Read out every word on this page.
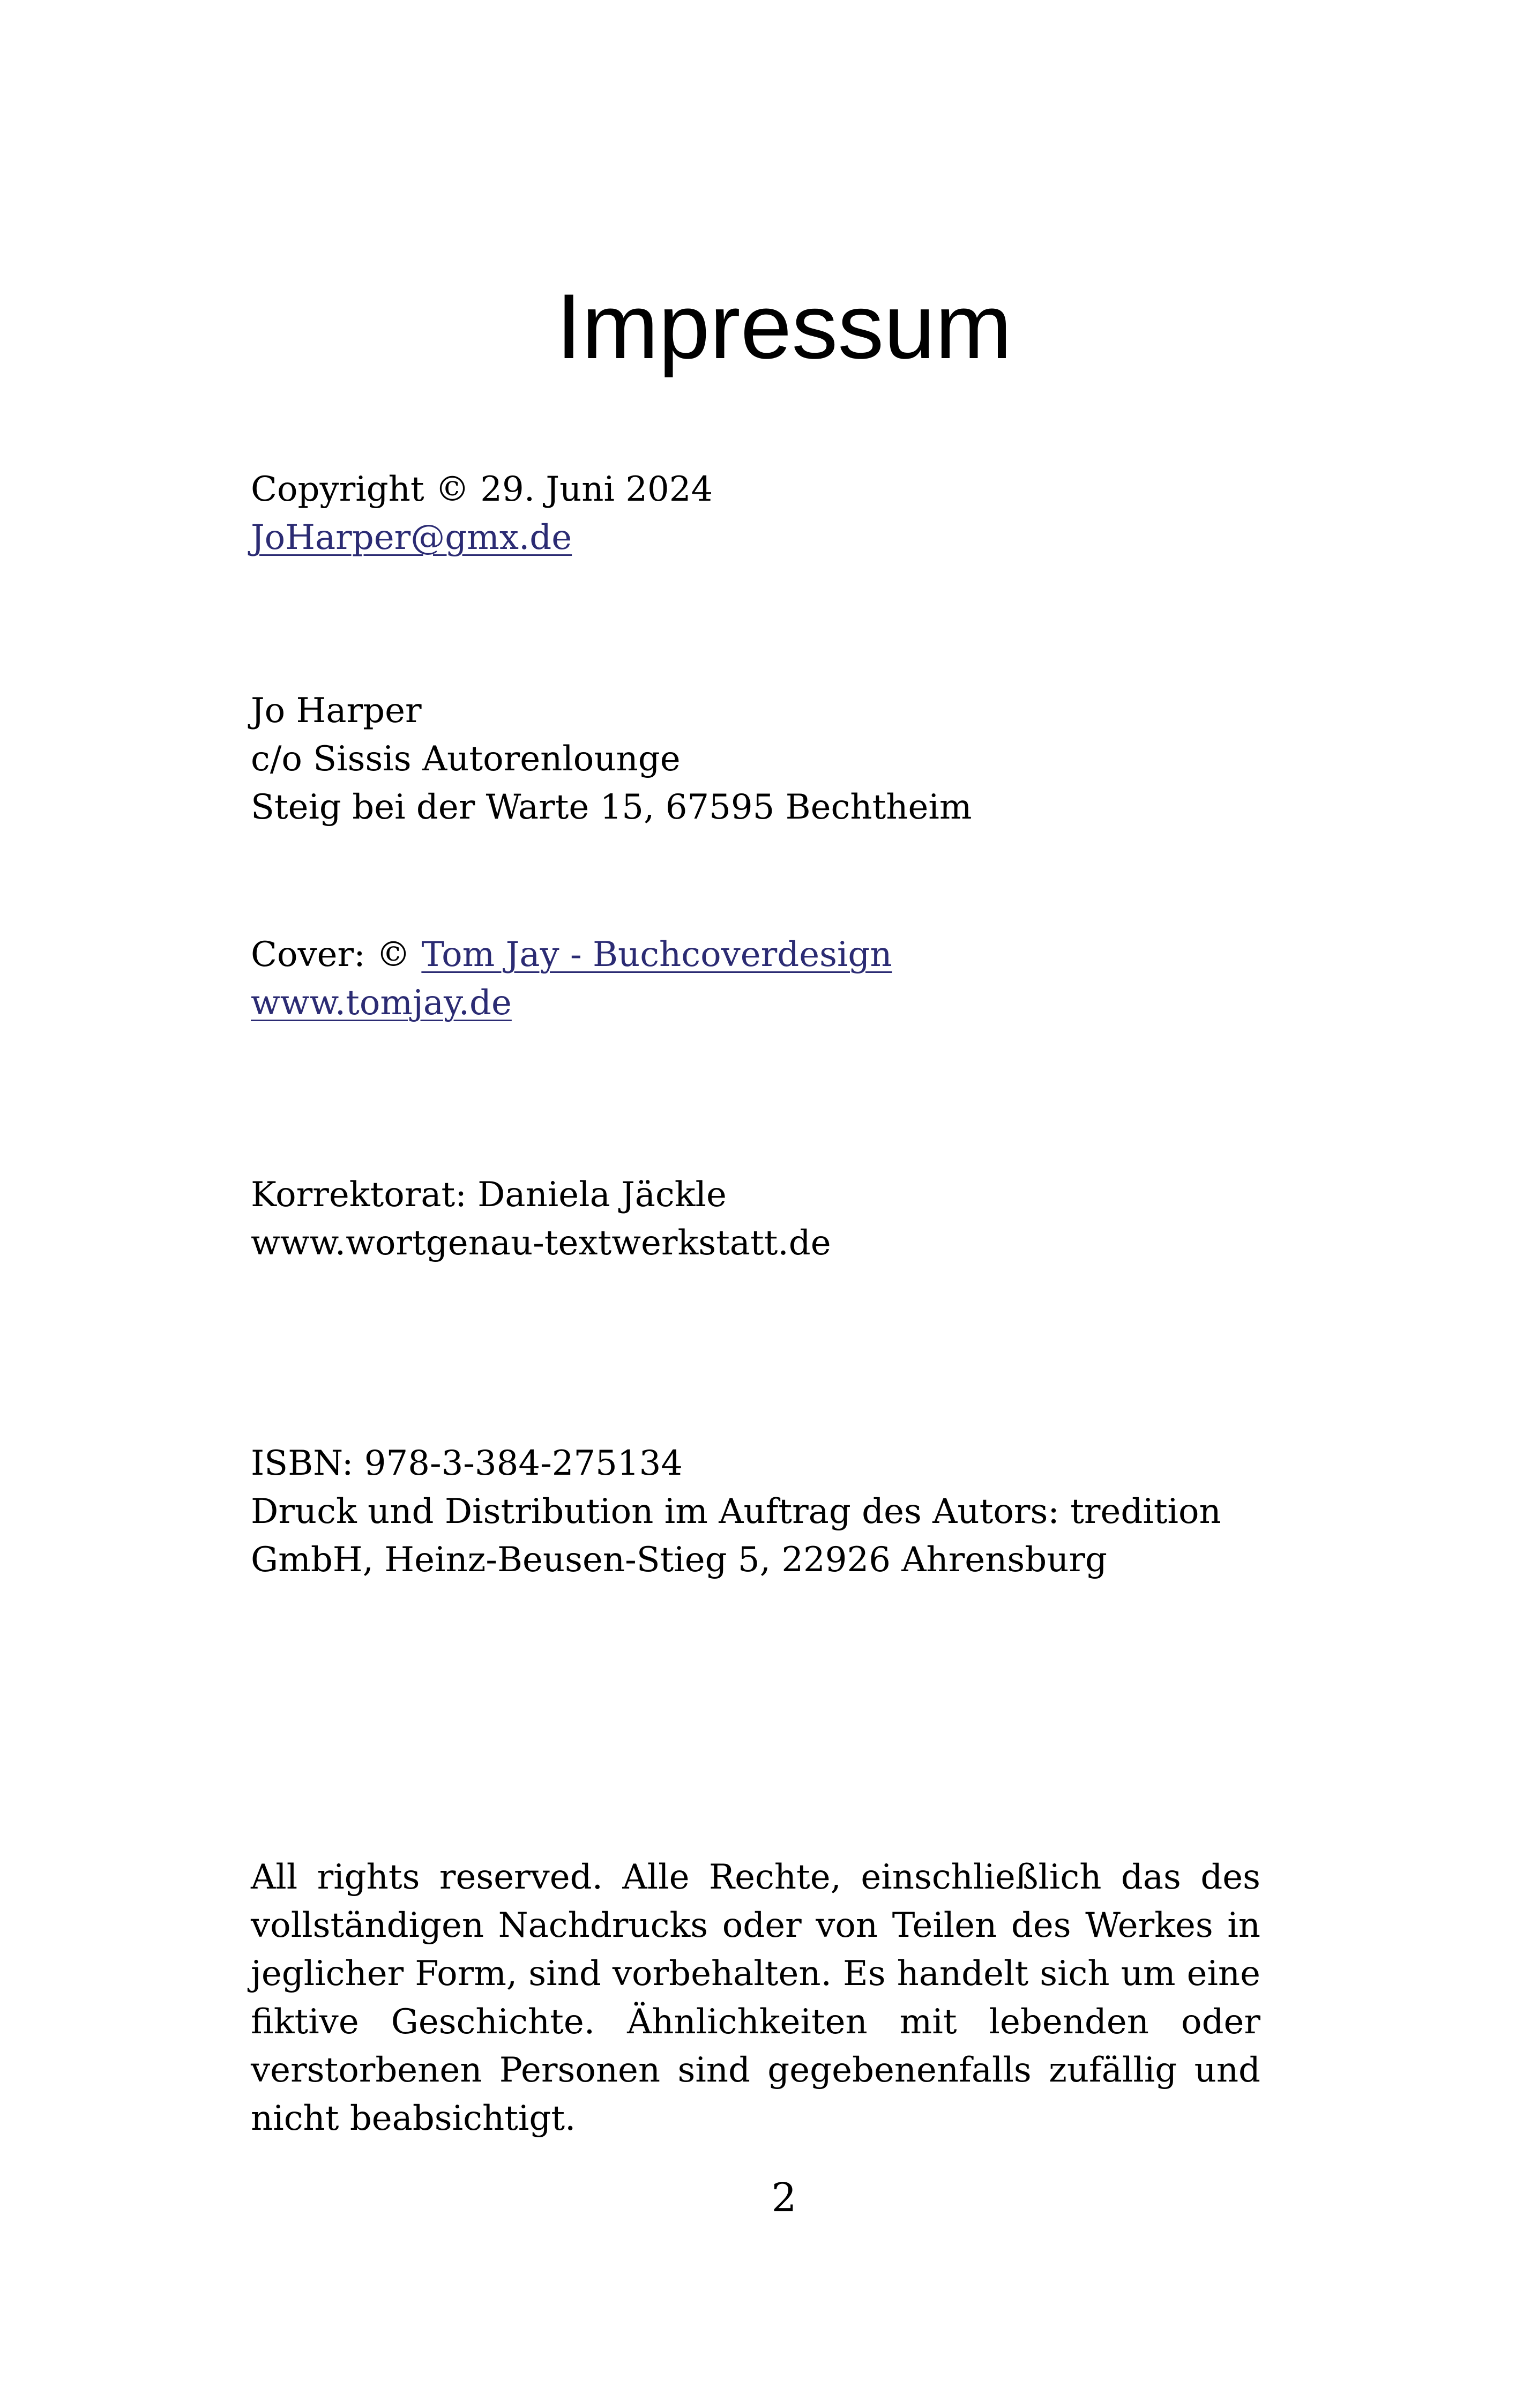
Impressum
Copyright © 29. Juni 2024
JoHarper@gmx.de
Jo Harper
c/o Sissis Autorenlounge
Steig bei der Warte 15, 67595 Bechtheim
Cover: © Tom Jay - Buchcoverdesign
www.tomjay.de
Korrektorat: Daniela Jäckle
www.wortgenau-textwerkstatt.de
ISBN: 978-3-384-275134
Druck und Distribution im Auftrag des Autors: tredition
GmbH, Heinz-Beusen-Stieg 5, 22926 Ahrensburg
All rights reserved. Alle Rechte, einschließlich das des vollständigen Nachdrucks oder von Teilen des Werkes in jeglicher Form, sind vorbehalten. Es handelt sich um eine fiktive Geschichte. Ähnlichkeiten mit lebenden oder verstorbenen Personen sind gegebenenfalls zufällig und nicht beabsichtigt.
2
